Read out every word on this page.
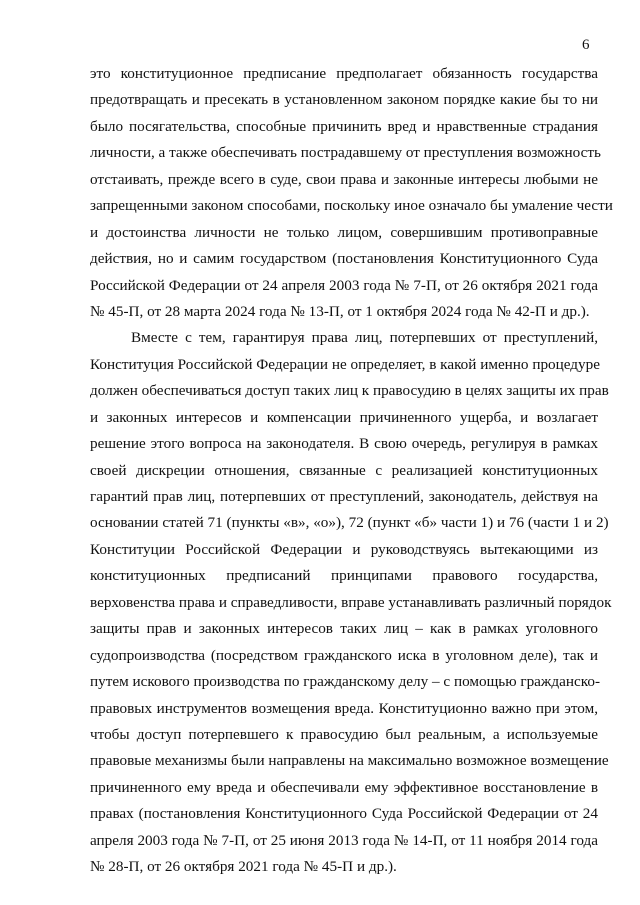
6
это конституционное предписание предполагает обязанность государства
предотвращать и пресекать в установленном законом порядке какие бы то ни
было посягательства, способные причинить вред и нравственные страдания
личности, а также обеспечивать пострадавшему от преступления возможность
отстаивать, прежде всего в суде, свои права и законные интересы любыми не
запрещенными законом способами, поскольку иное означало бы умаление чести
и достоинства личности не только лицом, совершившим противоправные
действия, но и самим государством (постановления Конституционного Суда
Российской Федерации от 24 апреля 2003 года № 7-П, от 26 октября 2021 года
№ 45-П, от 28 марта 2024 года № 13-П, от 1 октября 2024 года № 42-П и др.).
Вместе с тем, гарантируя права лиц, потерпевших от преступлений,
Конституция Российской Федерации не определяет, в какой именно процедуре
должен обеспечиваться доступ таких лиц к правосудию в целях защиты их прав
и законных интересов и компенсации причиненного ущерба, и возлагает
решение этого вопроса на законодателя. В свою очередь, регулируя в рамках
своей дискреции отношения, связанные с реализацией конституционных
гарантий прав лиц, потерпевших от преступлений, законодатель, действуя на
основании статей 71 (пункты «в», «о»), 72 (пункт «б» части 1) и 76 (части 1 и 2)
Конституции Российской Федерации и руководствуясь вытекающими из
конституционных предписаний принципами правового государства,
верховенства права и справедливости, вправе устанавливать различный порядок
защиты прав и законных интересов таких лиц – как в рамках уголовного
судопроизводства (посредством гражданского иска в уголовном деле), так и
путем искового производства по гражданскому делу – с помощью гражданско-
правовых инструментов возмещения вреда. Конституционно важно при этом,
чтобы доступ потерпевшего к правосудию был реальным, а используемые
правовые механизмы были направлены на максимально возможное возмещение
причиненного ему вреда и обеспечивали ему эффективное восстановление в
правах (постановления Конституционного Суда Российской Федерации от 24
апреля 2003 года № 7-П, от 25 июня 2013 года № 14-П, от 11 ноября 2014 года
№ 28-П, от 26 октября 2021 года № 45-П и др.).
